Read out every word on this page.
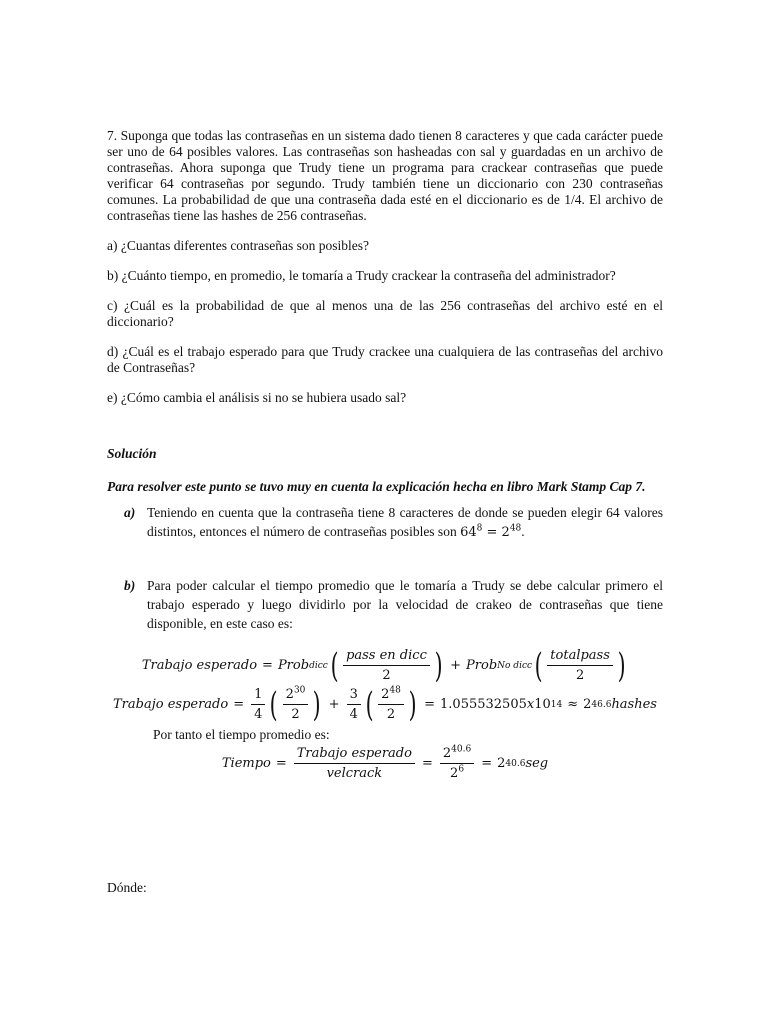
7. Suponga que todas las contraseñas en un sistema dado tienen 8 caracteres y que cada carácter puede ser uno de 64 posibles valores. Las contraseñas son hasheadas con sal y guardadas en un archivo de contraseñas. Ahora suponga que Trudy tiene un programa para crackear contraseñas que puede verificar 64 contraseñas por segundo. Trudy también tiene un diccionario con 230 contraseñas comunes. La probabilidad de que una contraseña dada esté en el diccionario es de 1/4. El archivo de contraseñas tiene las hashes de 256 contraseñas.

a) ¿Cuantas diferentes contraseñas son posibles?

b) ¿Cuánto tiempo, en promedio, le tomaría a Trudy crackear la contraseña del administrador?

c) ¿Cuál es la probabilidad de que al menos una de las 256 contraseñas del archivo esté en el diccionario?

d) ¿Cuál es el trabajo esperado para que Trudy crackee una cualquiera de las contraseñas del archivo de Contraseñas?

e) ¿Cómo cambia el análisis si no se hubiera usado sal?

Solución

Para resolver este punto se tuvo muy en cuenta la explicación hecha en libro Mark Stamp Cap 7.

a) Teniendo en cuenta que la contraseña tiene 8 caracteres de donde se pueden elegir 64 valores distintos, entonces el número de contraseñas posibles son $64^8 = 2^{48}$.

b) Para poder calcular el tiempo promedio que le tomaría a Trudy se debe calcular primero el trabajo esperado y luego dividirlo por la velocidad de crakeo de contraseñas que tiene disponible, en este caso es:

Trabajo esperado = Prob dicc ( $\frac{\text{pass en dicc}}{2}$ ) + Prob No dicc ( $\frac{\text{totalpass}}{2}$ )
Trabajo esperado = $\frac{1}{4}$ ( $\frac{2^{30}}{2}$ ) + $\frac{3}{4}$ ( $\frac{2^{48}}{2}$ ) = 1.055532505 x 10 14 ≈ 2 46.6 hashes

Por tanto el tiempo promedio es:

Tiempo = $\frac{\text{Trabajo esperado}}{\text{velcrack}} = \frac{2^{40.6}}{2^6} = 2$ 40.6 seg

Dónde:
